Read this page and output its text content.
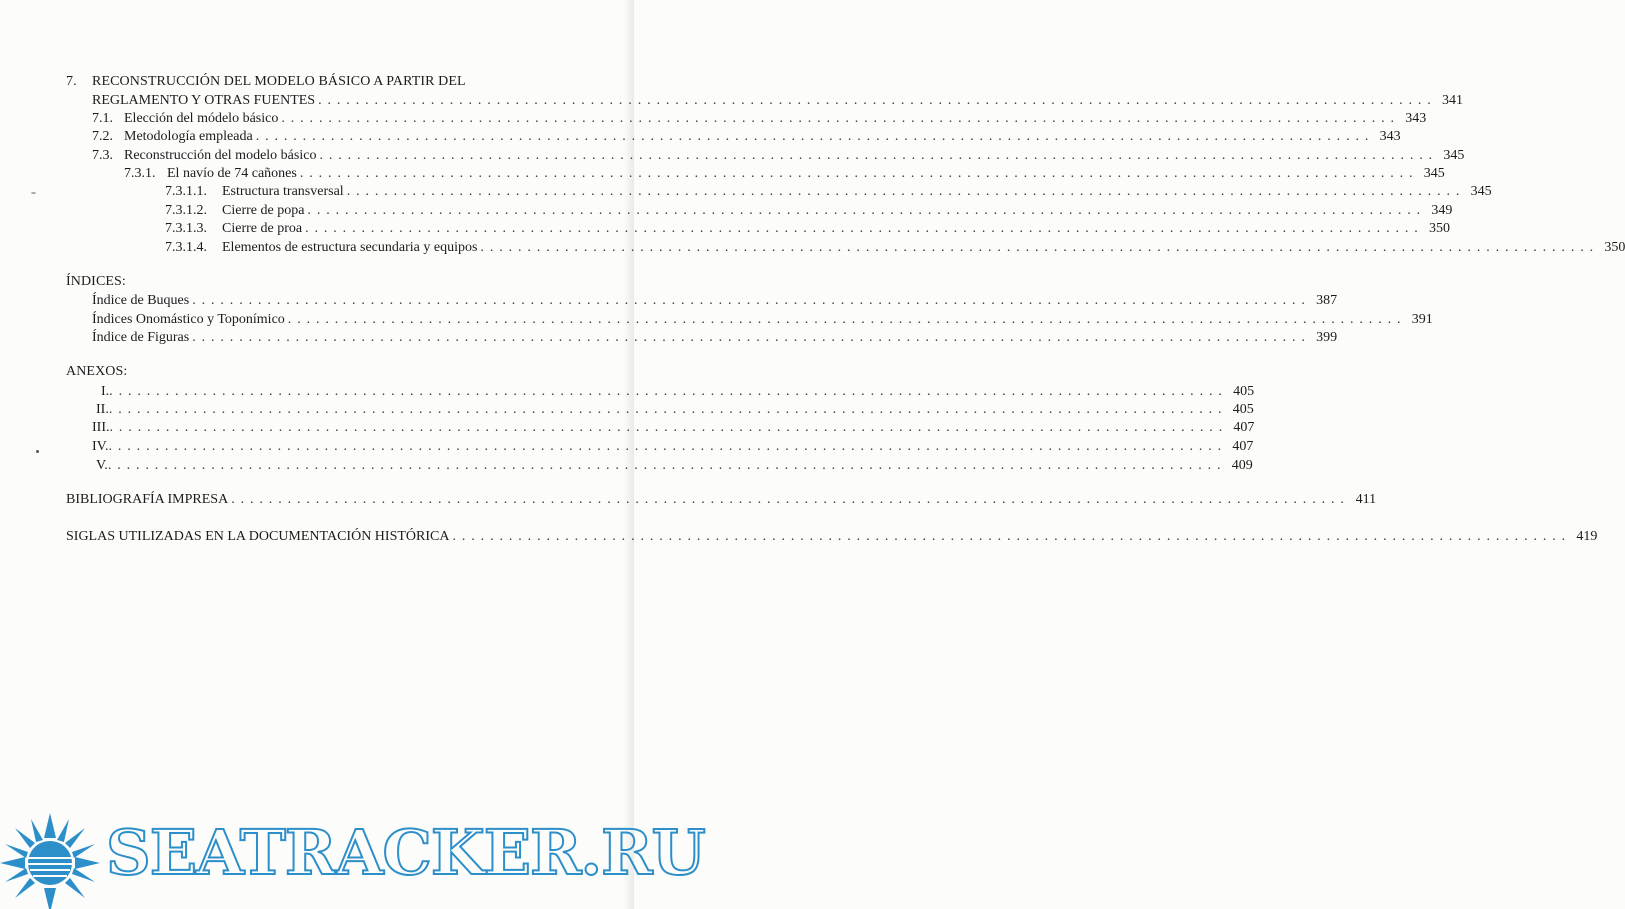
7. RECONSTRUCCIÓN DEL MODELO BÁSICO A PARTIR DEL
REGLAMENTO Y OTRAS FUENTES . . . . . . . . . . . . . . . . . . . . . . . . . . . . . . . . . . . . . . . . . . . . . . . . . . . . . . . . . . . . . . . . . . . . . . . . . . . . . . . . . . . . . . . . . . . . . . . . . . . . . . . . . . . . . . . . . . . . . . . 341
7.1. Elección del módelo básico . . . . . . . . . . . . . . . . . . . . . . . . . . . . . . . . . . . . . . . . . . . . . . . . . . . . . . . . . . . . . . . . . . . . . . . . . . . . . . . . . . . . . . . . . . . . . . . . . . . . . . . . . . . . . . . . . . . . . . . 343
7.2. Metodología empleada . . . . . . . . . . . . . . . . . . . . . . . . . . . . . . . . . . . . . . . . . . . . . . . . . . . . . . . . . . . . . . . . . . . . . . . . . . . . . . . . . . . . . . . . . . . . . . . . . . . . . . . . . . . . . . . . . . . . . . . 343
7.3. Reconstrucción del modelo básico . . . . . . . . . . . . . . . . . . . . . . . . . . . . . . . . . . . . . . . . . . . . . . . . . . . . . . . . . . . . . . . . . . . . . . . . . . . . . . . . . . . . . . . . . . . . . . . . . . . . . . . . . . . . . . . . . . . . . . . 345
7.3.1. El navío de 74 cañones . . . . . . . . . . . . . . . . . . . . . . . . . . . . . . . . . . . . . . . . . . . . . . . . . . . . . . . . . . . . . . . . . . . . . . . . . . . . . . . . . . . . . . . . . . . . . . . . . . . . . . . . . . . . . . . . . . . . . . . 345
7.3.1.1. Estructura transversal . . . . . . . . . . . . . . . . . . . . . . . . . . . . . . . . . . . . . . . . . . . . . . . . . . . . . . . . . . . . . . . . . . . . . . . . . . . . . . . . . . . . . . . . . . . . . . . . . . . . . . . . . . . . . . . . . . . . . . . 345
7.3.1.2. Cierre de popa . . . . . . . . . . . . . . . . . . . . . . . . . . . . . . . . . . . . . . . . . . . . . . . . . . . . . . . . . . . . . . . . . . . . . . . . . . . . . . . . . . . . . . . . . . . . . . . . . . . . . . . . . . . . . . . . . . . . . . . 349
7.3.1.3. Cierre de proa . . . . . . . . . . . . . . . . . . . . . . . . . . . . . . . . . . . . . . . . . . . . . . . . . . . . . . . . . . . . . . . . . . . . . . . . . . . . . . . . . . . . . . . . . . . . . . . . . . . . . . . . . . . . . . . . . . . . . . . 350
7.3.1.4. Elementos de estructura secundaria y equipos . . . . . . . . . . . . . . . . . . . . . . . . . . . . . . . . . . . . . . . . . . . . . . . . . . . . . . . . . . . . . . . . . . . . . . . . . . . . . . . . . . . . . . . . . . . . . . . . . . . . . . . . . . . . . . . . . . . . . . . 350
ÍNDICES:
Índice de Buques . . . . . . . . . . . . . . . . . . . . . . . . . . . . . . . . . . . . . . . . . . . . . . . . . . . . . . . . . . . . . . . . . . . . . . . . . . . . . . . . . . . . . . . . . . . . . . . . . . . . . . . . . . . . . . . . . . . . . . . 387
Índices Onomástico y Toponímico . . . . . . . . . . . . . . . . . . . . . . . . . . . . . . . . . . . . . . . . . . . . . . . . . . . . . . . . . . . . . . . . . . . . . . . . . . . . . . . . . . . . . . . . . . . . . . . . . . . . . . . . . . . . . . . . . . . . . . . 391
Índice de Figuras . . . . . . . . . . . . . . . . . . . . . . . . . . . . . . . . . . . . . . . . . . . . . . . . . . . . . . . . . . . . . . . . . . . . . . . . . . . . . . . . . . . . . . . . . . . . . . . . . . . . . . . . . . . . . . . . . . . . . . . 399
ANEXOS:
I. . . . . . . . . . . . . . . . . . . . . . . . . . . . . . . . . . . . . . . . . . . . . . . . . . . . . . . . . . . . . . . . . . . . . . . . . . . . . . . . . . . . . . . . . . . . . . . . . . . . . . . . . . . . . . . . . . . . . . . . 405
II. . . . . . . . . . . . . . . . . . . . . . . . . . . . . . . . . . . . . . . . . . . . . . . . . . . . . . . . . . . . . . . . . . . . . . . . . . . . . . . . . . . . . . . . . . . . . . . . . . . . . . . . . . . . . . . . . . . . . . . . 405
III. . . . . . . . . . . . . . . . . . . . . . . . . . . . . . . . . . . . . . . . . . . . . . . . . . . . . . . . . . . . . . . . . . . . . . . . . . . . . . . . . . . . . . . . . . . . . . . . . . . . . . . . . . . . . . . . . . . . . . . . 407
IV. . . . . . . . . . . . . . . . . . . . . . . . . . . . . . . . . . . . . . . . . . . . . . . . . . . . . . . . . . . . . . . . . . . . . . . . . . . . . . . . . . . . . . . . . . . . . . . . . . . . . . . . . . . . . . . . . . . . . . . . 407
V. . . . . . . . . . . . . . . . . . . . . . . . . . . . . . . . . . . . . . . . . . . . . . . . . . . . . . . . . . . . . . . . . . . . . . . . . . . . . . . . . . . . . . . . . . . . . . . . . . . . . . . . . . . . . . . . . . . . . . . . 409
BIBLIOGRAFÍA IMPRESA . . . . . . . . . . . . . . . . . . . . . . . . . . . . . . . . . . . . . . . . . . . . . . . . . . . . . . . . . . . . . . . . . . . . . . . . . . . . . . . . . . . . . . . . . . . . . . . . . . . . . . . . . . . . . . . . . . . . . . . 411
SIGLAS UTILIZADAS EN LA DOCUMENTACIÓN HISTÓRICA . . . . . . . . . . . . . . . . . . . . . . . . . . . . . . . . . . . . . . . . . . . . . . . . . . . . . . . . . . . . . . . . . . . . . . . . . . . . . . . . . . . . . . . . . . . . . . . . . . . . . . . . . . . . . . . . . . . . . . . 419
SEATRACKER.RU
